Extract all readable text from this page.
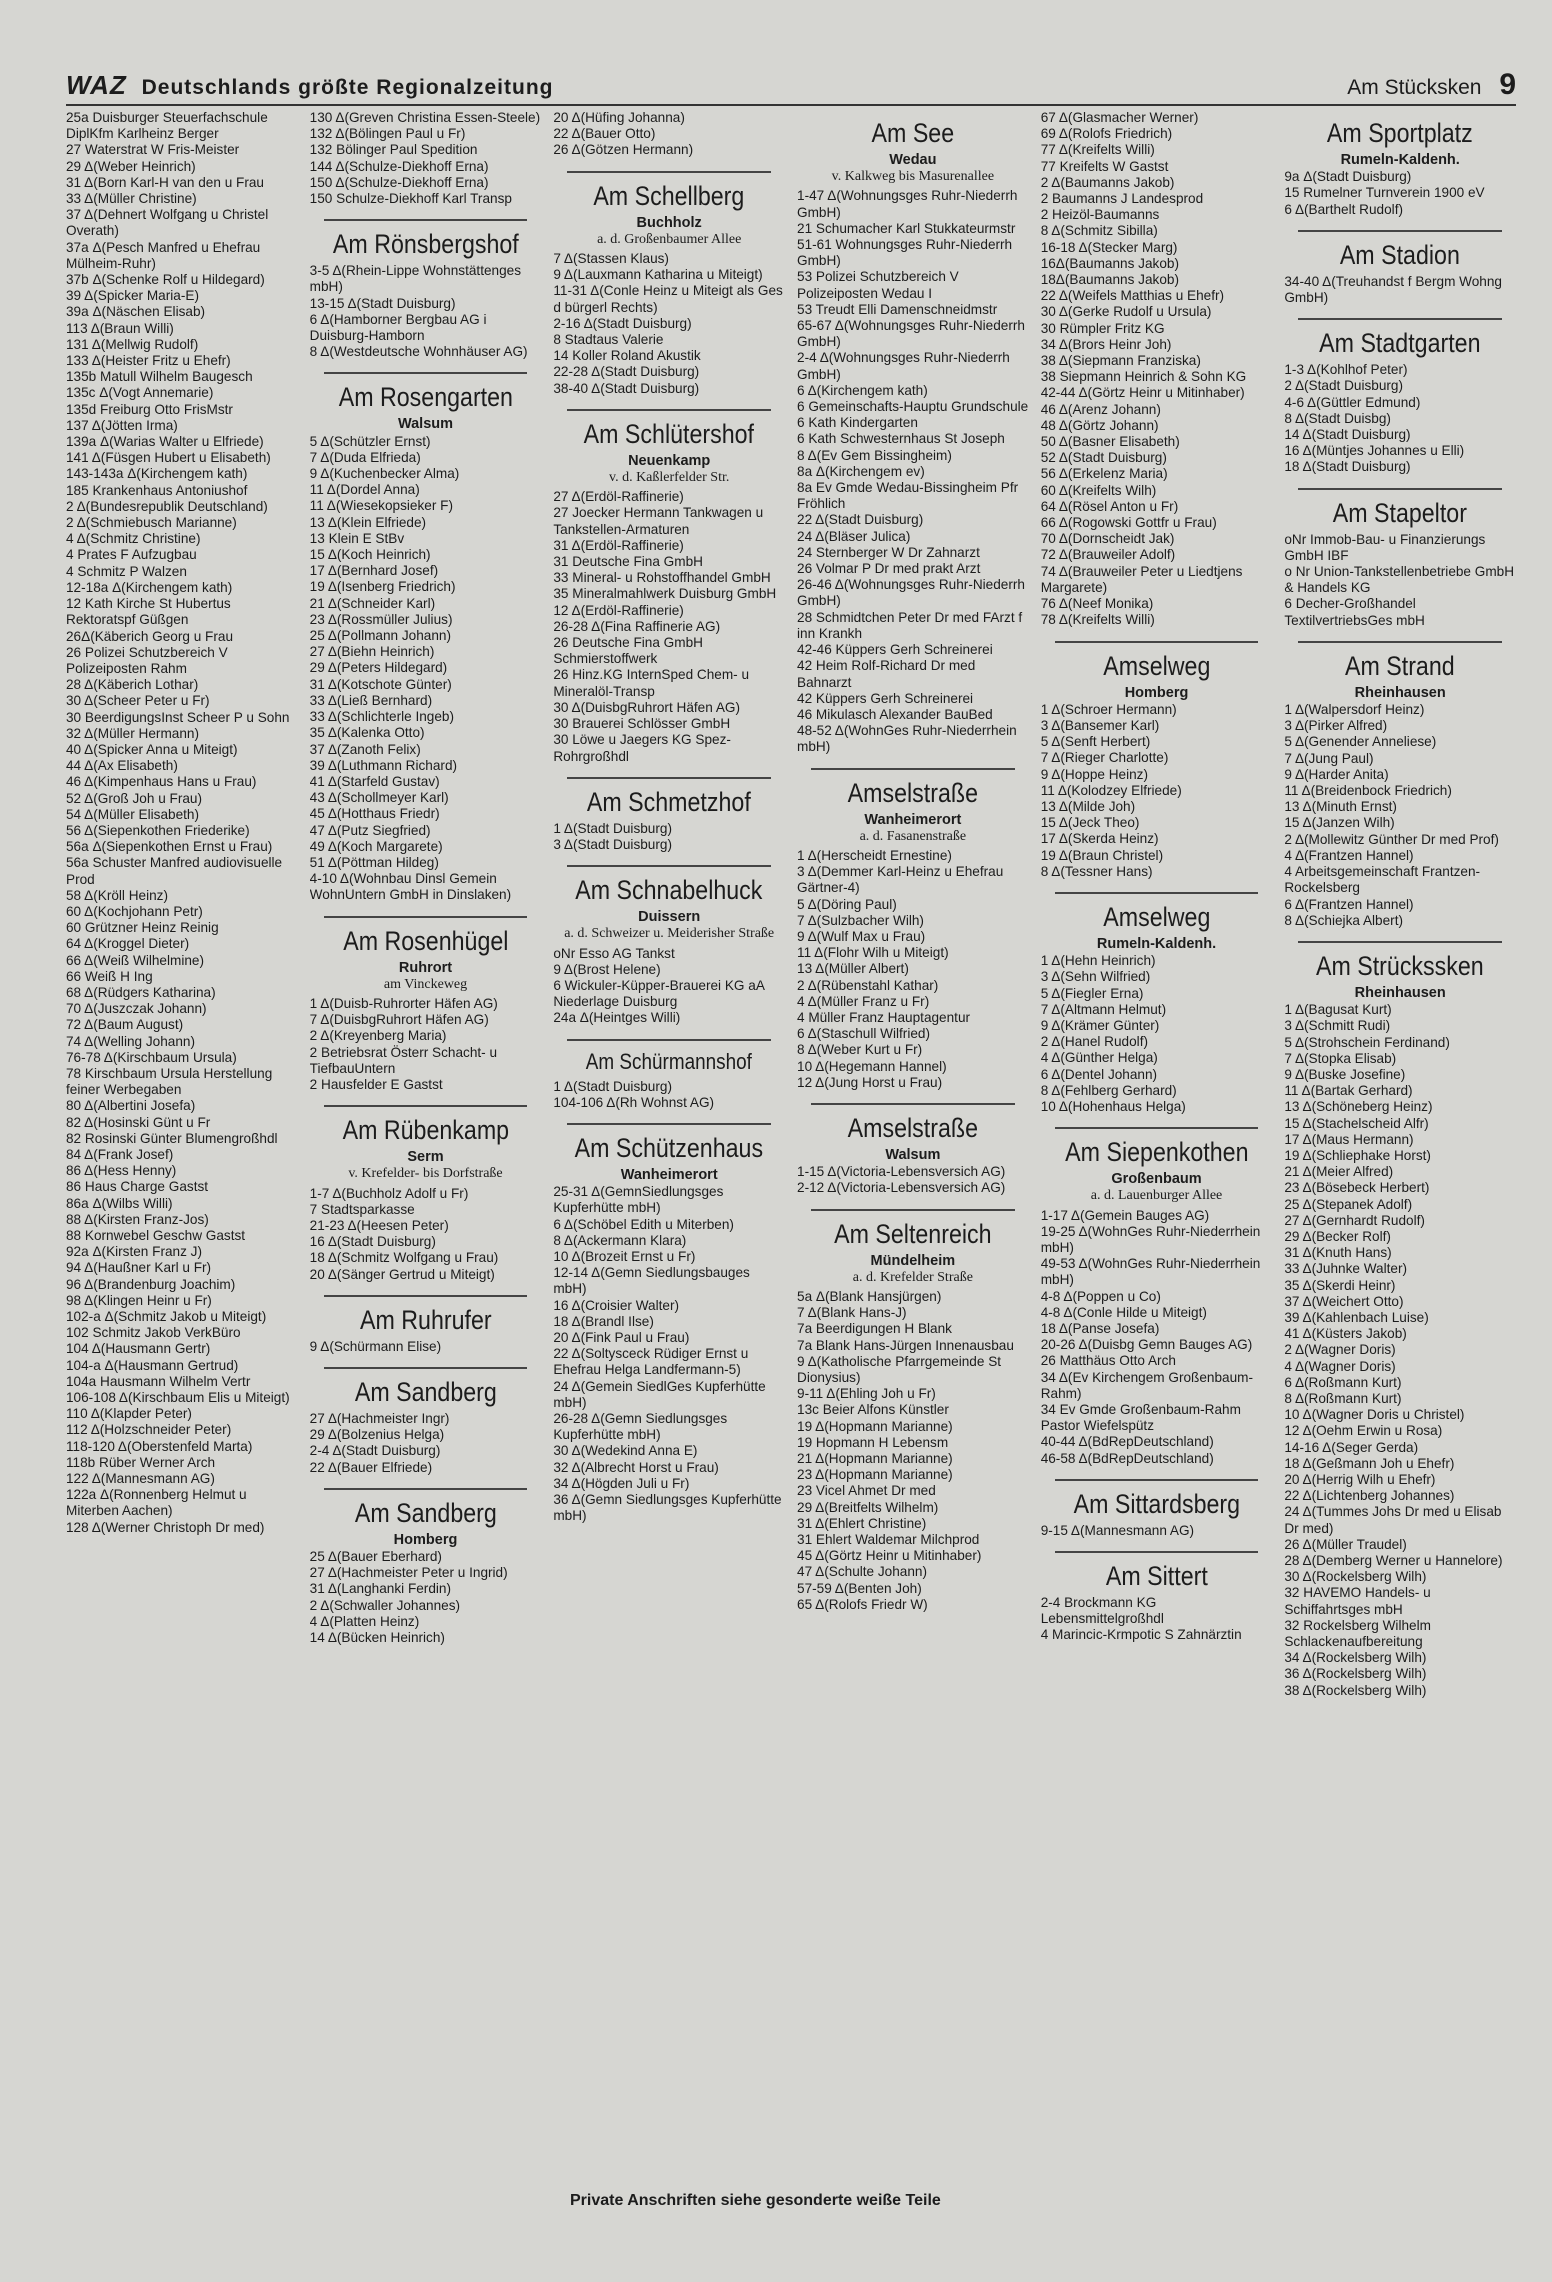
WAZ Deutschlands größte Regionalzeitung	Am Stücksken 9
25a Duisburger Steuerfachschule DiplKfm Karlheinz Berger
27 Waterstrat W Fris-Meister
29 Δ(Weber Heinrich)
31 Δ(Born Karl-H van den u Frau
33 Δ(Müller Christine)
37 Δ(Dehnert Wolfgang u Christel Overath)
37a Δ(Pesch Manfred u Ehefrau Mülheim-Ruhr)
37b Δ(Schenke Rolf u Hildegard)
39 Δ(Spicker Maria-E)
39a Δ(Näschen Elisab)
113 Δ(Braun Willi)
131 Δ(Mellwig Rudolf)
133 Δ(Heister Fritz u Ehefr)
135b Matull Wilhelm Baugesch
135c Δ(Vogt Annemarie)
135d Freiburg Otto FrisMstr
137 Δ(Jötten Irma)
139a Δ(Warias Walter u Elfriede)
141 Δ(Füsgen Hubert u Elisabeth)
143-143a Δ(Kirchengem kath)
185 Krankenhaus Antoniushof
2 Δ(Bundesrepublik Deutschland)
2 Δ(Schmiebusch Marianne)
4 Δ(Schmitz Christine)
4 Prates F Aufzugbau
4 Schmitz P Walzen
12-18a Δ(Kirchengem kath)
12 Kath Kirche St Hubertus Rektoratspf Güßgen
26Δ(Käberich Georg u Frau
26 Polizei Schutzbereich V Polizeiposten Rahm
28 Δ(Käberich Lothar)
30 Δ(Scheer Peter u Fr)
30 BeerdigungsInst Scheer P u Sohn
32 Δ(Müller Hermann)
40 Δ(Spicker Anna u Miteigt)
44 Δ(Ax Elisabeth)
46 Δ(Kimpenhaus Hans u Frau)
52 Δ(Groß Joh u Frau)
54 Δ(Müller Elisabeth)
56 Δ(Siepenkothen Friederike)
56a Δ(Siepenkothen Ernst u Frau)
56a Schuster Manfred audiovisuelle Prod
58 Δ(Kröll Heinz)
60 Δ(Kochjohann Petr)
60 Grützner Heinz Reinig
64 Δ(Kroggel Dieter)
66 Δ(Weiß Wilhelmine)
66 Weiß H Ing
68 Δ(Rüdgers Katharina)
70 Δ(Juszczak Johann)
72 Δ(Baum August)
74 Δ(Welling Johann)
76-78 Δ(Kirschbaum Ursula)
78 Kirschbaum Ursula Herstellung feiner Werbegaben
80 Δ(Albertini Josefa)
82 Δ(Hosinski Günt u Fr
82 Rosinski Günter Blumengroßhdl
84 Δ(Frank Josef)
86 Δ(Hess Henny)
86 Haus Charge Gastst
86a Δ(Wilbs Willi)
88 Δ(Kirsten Franz-Jos)
88 Kornwebel Geschw Gastst
92a Δ(Kirsten Franz J)
94 Δ(Haußner Karl u Fr)
96 Δ(Brandenburg Joachim)
98 Δ(Klingen Heinr u Fr)
102-a Δ(Schmitz Jakob u Miteigt)
102 Schmitz Jakob VerkBüro
104 Δ(Hausmann Gertr)
104-a Δ(Hausmann Gertrud)
104a Hausmann Wilhelm Vertr
106-108 Δ(Kirschbaum Elis u Miteigt)
110 Δ(Klapder Peter)
112 Δ(Holzschneider Peter)
118-120 Δ(Oberstenfeld Marta)
118b Rüber Werner Arch
122 Δ(Mannesmann AG)
122a Δ(Ronnenberg Helmut u Miterben Aachen)
128 Δ(Werner Christoph Dr med)
130 Δ(Greven Christina Essen-Steele)
132 Δ(Bölingen Paul u Fr)
132 Bölinger Paul Spedition
144 Δ(Schulze-Diekhoff Erna)
150 Δ(Schulze-Diekhoff Erna)
150 Schulze-Diekhoff Karl Transp
Am Rönsbergshof
3-5 Δ(Rhein-Lippe Wohnstättenges mbH)
13-15 Δ(Stadt Duisburg)
6 Δ(Hamborner Bergbau AG i Duisburg-Hamborn
8 Δ(Westdeutsche Wohnhäuser AG)
Am Rosengarten
Walsum
5 Δ(Schützler Ernst)
7 Δ(Duda Elfrieda)
9 Δ(Kuchenbecker Alma)
11 Δ(Dordel Anna)
11 Δ(Wiesekopsieker F)
13 Δ(Klein Elfriede)
13 Klein E StBv
15 Δ(Koch Heinrich)
17 Δ(Bernhard Josef)
19 Δ(Isenberg Friedrich)
21 Δ(Schneider Karl)
23 Δ(Rossmüller Julius)
25 Δ(Pollmann Johann)
27 Δ(Biehn Heinrich)
29 Δ(Peters Hildegard)
31 Δ(Kotschote Günter)
33 Δ(Ließ Bernhard)
33 Δ(Schlichterle Ingeb)
35 Δ(Kalenka Otto)
37 Δ(Zanoth Felix)
39 Δ(Luthmann Richard)
41 Δ(Starfeld Gustav)
43 Δ(Schollmeyer Karl)
45 Δ(Hotthaus Friedr)
47 Δ(Putz Siegfried)
49 Δ(Koch Margarete)
51 Δ(Pöttman Hildeg)
4-10 Δ(Wohnbau Dinsl Gemein WohnUntern GmbH in Dinslaken)
Am Rosenhügel
Ruhrort
am Vinckeweg
1 Δ(Duisb-Ruhrorter Häfen AG)
7 Δ(DuisbgRuhrort Häfen AG)
2 Δ(Kreyenberg Maria)
2 Betriebsrat Österr Schacht- u TiefbauUntern
2 Hausfelder E Gastst
Am Rübenkamp
Serm
v. Krefelder- bis Dorfstraße
1-7 Δ(Buchholz Adolf u Fr)
7 Stadtsparkasse
21-23 Δ(Heesen Peter)
16 Δ(Stadt Duisburg)
18 Δ(Schmitz Wolfgang u Frau)
20 Δ(Sänger Gertrud u Miteigt)
Am Ruhrufer
9 Δ(Schürmann Elise)
Am Sandberg
27 Δ(Hachmeister Ingr)
29 Δ(Bolzenius Helga)
2-4 Δ(Stadt Duisburg)
22 Δ(Bauer Elfriede)
Am Sandberg
Homberg
25 Δ(Bauer Eberhard)
27 Δ(Hachmeister Peter u Ingrid)
31 Δ(Langhanki Ferdin)
2 Δ(Schwaller Johannes)
4 Δ(Platten Heinz)
14 Δ(Bücken Heinrich)
20 Δ(Hüfing Johanna)
22 Δ(Bauer Otto)
26 Δ(Götzen Hermann)
Am Schellberg
Buchholz
a. d. Großenbaumer Allee
7 Δ(Stassen Klaus)
9 Δ(Lauxmann Katharina u Miteigt)
11-31 Δ(Conle Heinz u Miteigt als Ges d bürgerl Rechts)
2-16 Δ(Stadt Duisburg)
8 Stadtaus Valerie
14 Koller Roland Akustik
22-28 Δ(Stadt Duisburg)
38-40 Δ(Stadt Duisburg)
Am Schlütershof
Neuenkamp
v. d. Kaßlerfelder Str.
27 Δ(Erdöl-Raffinerie)
27 Joecker Hermann Tankwagen u Tankstellen-Armaturen
31 Δ(Erdöl-Raffinerie)
31 Deutsche Fina GmbH
33 Mineral- u Rohstoffhandel GmbH
35 Mineralmahlwerk Duisburg GmbH
12 Δ(Erdöl-Raffinerie)
26-28 Δ(Fina Raffinerie AG)
26 Deutsche Fina GmbH Schmierstoffwerk
26 Hinz.KG InternSped Chem- u Mineralöl-Transp
30 Δ(DuisbgRuhrort Häfen AG)
30 Brauerei Schlösser GmbH
30 Löwe u Jaegers KG Spez-Rohrgroßhdl
Am Schmetzhof
1 Δ(Stadt Duisburg)
3 Δ(Stadt Duisburg)
Am Schnabelhuck
Duissern
a. d. Schweizer u. Meiderisher Straße
oNr Esso AG Tankst
9 Δ(Brost Helene)
6 Wickuler-Küpper-Brauerei KG aA Niederlage Duisburg
24a Δ(Heintges Willi)
Am Schürmannshof
1 Δ(Stadt Duisburg)
104-106 Δ(Rh Wohnst AG)
Am Schützenhaus
Wanheimerort
25-31 Δ(GemnSiedlungsges Kupferhütte mbH)
6 Δ(Schöbel Edith u Miterben)
8 Δ(Ackermann Klara)
10 Δ(Brozeit Ernst u Fr)
12-14 Δ(Gemn Siedlungsbauges mbH)
16 Δ(Croisier Walter)
18 Δ(Brandl Ilse)
20 Δ(Fink Paul u Frau)
22 Δ(Soltysceck Rüdiger Ernst u Ehefrau Helga Landfermann-5)
24 Δ(Gemein SiedlGes Kupferhütte mbH)
26-28 Δ(Gemn Siedlungsges Kupferhütte mbH)
30 Δ(Wedekind Anna E)
32 Δ(Albrecht Horst u Frau)
34 Δ(Högden Juli u Fr)
36 Δ(Gemn Siedlungsges Kupferhütte mbH)
Am See
Wedau
v. Kalkweg bis Masurenallee
1-47 Δ(Wohnungsges Ruhr-Niederrh GmbH)
21 Schumacher Karl Stukkateurmstr
51-61 Wohnungsges Ruhr-Niederrh GmbH)
53 Polizei Schutzbereich V Polizeiposten Wedau I
53 Treudt Elli Damenschneidmstr
65-67 Δ(Wohnungsges Ruhr-Niederrh GmbH)
2-4 Δ(Wohnungsges Ruhr-Niederrh GmbH)
6 Δ(Kirchengem kath)
6 Gemeinschafts-Hauptu Grundschule
6 Kath Kindergarten
6 Kath Schwesternhaus St Joseph
8 Δ(Ev Gem Bissingheim)
8a Δ(Kirchengem ev)
8a Ev Gmde Wedau-Bissingheim Pfr Fröhlich
22 Δ(Stadt Duisburg)
24 Δ(Bläser Julica)
24 Sternberger W Dr Zahnarzt
26 Volmar P Dr med prakt Arzt
26-46 Δ(Wohnungsges Ruhr-Niederrh GmbH)
28 Schmidtchen Peter Dr med FArzt f inn Krankh
42-46 Küppers Gerh Schreinerei
42 Heim Rolf-Richard Dr med Bahnarzt
42 Küppers Gerh Schreinerei
46 Mikulasch Alexander BauBed
48-52 Δ(WohnGes Ruhr-Niederrhein mbH)
Amselstraße
Wanheimerort
a. d. Fasanenstraße
1 Δ(Herscheidt Ernestine)
3 Δ(Demmer Karl-Heinz u Ehefrau Gärtner-4)
5 Δ(Döring Paul)
7 Δ(Sulzbacher Wilh)
9 Δ(Wulf Max u Frau)
11 Δ(Flohr Wilh u Miteigt)
13 Δ(Müller Albert)
2 Δ(Rübenstahl Kathar)
4 Δ(Müller Franz u Fr)
4 Müller Franz Hauptagentur
6 Δ(Staschull Wilfried)
8 Δ(Weber Kurt u Fr)
10 Δ(Hegemann Hannel)
12 Δ(Jung Horst u Frau)
Amselstraße
Walsum
1-15 Δ(Victoria-Lebensversich AG)
2-12 Δ(Victoria-Lebensversich AG)
Am Seltenreich
Mündelheim
a. d. Krefelder Straße
5a Δ(Blank Hansjürgen)
7 Δ(Blank Hans-J)
7a Beerdigungen H Blank
7a Blank Hans-Jürgen Innenausbau
9 Δ(Katholische Pfarrgemeinde St Dionysius)
9-11 Δ(Ehling Joh u Fr)
13c Beier Alfons Künstler
19 Δ(Hopmann Marianne)
19 Hopmann H Lebensm
21 Δ(Hopmann Marianne)
23 Δ(Hopmann Marianne)
23 Vicel Ahmet Dr med
29 Δ(Breitfelts Wilhelm)
31 Δ(Ehlert Christine)
31 Ehlert Waldemar Milchprod
45 Δ(Görtz Heinr u Mitinhaber)
47 Δ(Schulte Johann)
57-59 Δ(Benten Joh)
65 Δ(Rolofs Friedr W)
67 Δ(Glasmacher Werner)
69 Δ(Rolofs Friedrich)
77 Δ(Kreifelts Willi)
77 Kreifelts W Gastst
2 Δ(Baumanns Jakob)
2 Baumanns J Landesprod
2 Heizöl-Baumanns
8 Δ(Schmitz Sibilla)
16-18 Δ(Stecker Marg)
16Δ(Baumanns Jakob)
18Δ(Baumanns Jakob)
22 Δ(Weifels Matthias u Ehefr)
30 Δ(Gerke Rudolf u Ursula)
30 Rümpler Fritz KG
34 Δ(Brors Heinr Joh)
38 Δ(Siepmann Franziska)
38 Siepmann Heinrich & Sohn KG
42-44 Δ(Görtz Heinr u Mitinhaber)
46 Δ(Arenz Johann)
48 Δ(Görtz Johann)
50 Δ(Basner Elisabeth)
52 Δ(Stadt Duisburg)
56 Δ(Erkelenz Maria)
60 Δ(Kreifelts Wilh)
64 Δ(Rösel Anton u Fr)
66 Δ(Rogowski Gottfr u Frau)
70 Δ(Dornscheidt Jak)
72 Δ(Brauweiler Adolf)
74 Δ(Brauweiler Peter u Liedtjens Margarete)
76 Δ(Neef Monika)
78 Δ(Kreifelts Willi)
Amselweg
Homberg
1 Δ(Schroer Hermann)
3 Δ(Bansemer Karl)
5 Δ(Senft Herbert)
7 Δ(Rieger Charlotte)
9 Δ(Hoppe Heinz)
11 Δ(Kolodzey Elfriede)
13 Δ(Milde Joh)
15 Δ(Jeck Theo)
17 Δ(Skerda Heinz)
19 Δ(Braun Christel)
8 Δ(Tessner Hans)
Amselweg
Rumeln-Kaldenh.
1 Δ(Hehn Heinrich)
3 Δ(Sehn Wilfried)
5 Δ(Fiegler Erna)
7 Δ(Altmann Helmut)
9 Δ(Krämer Günter)
2 Δ(Hanel Rudolf)
4 Δ(Günther Helga)
6 Δ(Dentel Johann)
8 Δ(Fehlberg Gerhard)
10 Δ(Hohenhaus Helga)
Am Siepenkothen
Großenbaum
a. d. Lauenburger Allee
1-17 Δ(Gemein Bauges AG)
19-25 Δ(WohnGes Ruhr-Niederrhein mbH)
49-53 Δ(WohnGes Ruhr-Niederrhein mbH)
4-8 Δ(Poppen u Co)
4-8 Δ(Conle Hilde u Miteigt)
18 Δ(Panse Josefa)
20-26 Δ(Duisbg Gemn Bauges AG)
26 Matthäus Otto Arch
34 Δ(Ev Kirchengem Großenbaum-Rahm)
34 Ev Gmde Großenbaum-Rahm Pastor Wiefelspütz
40-44 Δ(BdRepDeutschland)
46-58 Δ(BdRepDeutschland)
Am Sittardsberg
9-15 Δ(Mannesmann AG)
Am Sittert
2-4 Brockmann KG Lebensmittelgroßhdl
4 Marincic-Krmpotic S Zahnärztin
Am Sportplatz
Rumeln-Kaldenh.
9a Δ(Stadt Duisburg)
15 Rumelner Turnverein 1900 eV
6 Δ(Barthelt Rudolf)
Am Stadion
34-40 Δ(Treuhandst f Bergm Wohng GmbH)
Am Stadtgarten
1-3 Δ(Kohlhof Peter)
2 Δ(Stadt Duisburg)
4-6 Δ(Güttler Edmund)
8 Δ(Stadt Duisbg)
14 Δ(Stadt Duisburg)
16 Δ(Müntjes Johannes u Elli)
18 Δ(Stadt Duisburg)
Am Stapeltor
oNr Immob-Bau- u Finanzierungs GmbH IBF
o Nr Union-Tankstellenbetriebe GmbH & Handels KG
6 Decher-Großhandel TextilvertriebsGes mbH
Am Strand
Rheinhausen
1 Δ(Walpersdorf Heinz)
3 Δ(Pirker Alfred)
5 Δ(Genender Anneliese)
7 Δ(Jung Paul)
9 Δ(Harder Anita)
11 Δ(Breidenbock Friedrich)
13 Δ(Minuth Ernst)
15 Δ(Janzen Wilh)
2 Δ(Mollewitz Günther Dr med Prof)
4 Δ(Frantzen Hannel)
4 Arbeitsgemeinschaft Frantzen-Rockelsberg
6 Δ(Frantzen Hannel)
8 Δ(Schiejka Albert)
Am Strückssken
Rheinhausen
1 Δ(Bagusat Kurt)
3 Δ(Schmitt Rudi)
5 Δ(Strohschein Ferdinand)
7 Δ(Stopka Elisab)
9 Δ(Buske Josefine)
11 Δ(Bartak Gerhard)
13 Δ(Schöneberg Heinz)
15 Δ(Stachelscheid Alfr)
17 Δ(Maus Hermann)
19 Δ(Schliephake Horst)
21 Δ(Meier Alfred)
23 Δ(Bösebeck Herbert)
25 Δ(Stepanek Adolf)
27 Δ(Gernhardt Rudolf)
29 Δ(Becker Rolf)
31 Δ(Knuth Hans)
33 Δ(Juhnke Walter)
35 Δ(Skerdi Heinr)
37 Δ(Weichert Otto)
39 Δ(Kahlenbach Luise)
41 Δ(Küsters Jakob)
2 Δ(Wagner Doris)
4 Δ(Wagner Doris)
6 Δ(Roßmann Kurt)
8 Δ(Roßmann Kurt)
10 Δ(Wagner Doris u Christel)
12 Δ(Oehm Erwin u Rosa)
14-16 Δ(Seger Gerda)
18 Δ(Geßmann Joh u Ehefr)
20 Δ(Herrig Wilh u Ehefr)
22 Δ(Lichtenberg Johannes)
24 Δ(Tummes Johs Dr med u Elisab Dr med)
26 Δ(Müller Traudel)
28 Δ(Demberg Werner u Hannelore)
30 Δ(Rockelsberg Wilh)
32 HAVEMO Handels- u Schiffahrtsges mbH
32 Rockelsberg Wilhelm Schlackenaufbereitung
34 Δ(Rockelsberg Wilh)
36 Δ(Rockelsberg Wilh)
38 Δ(Rockelsberg Wilh)
Private Anschriften siehe gesonderte weiße Teile
